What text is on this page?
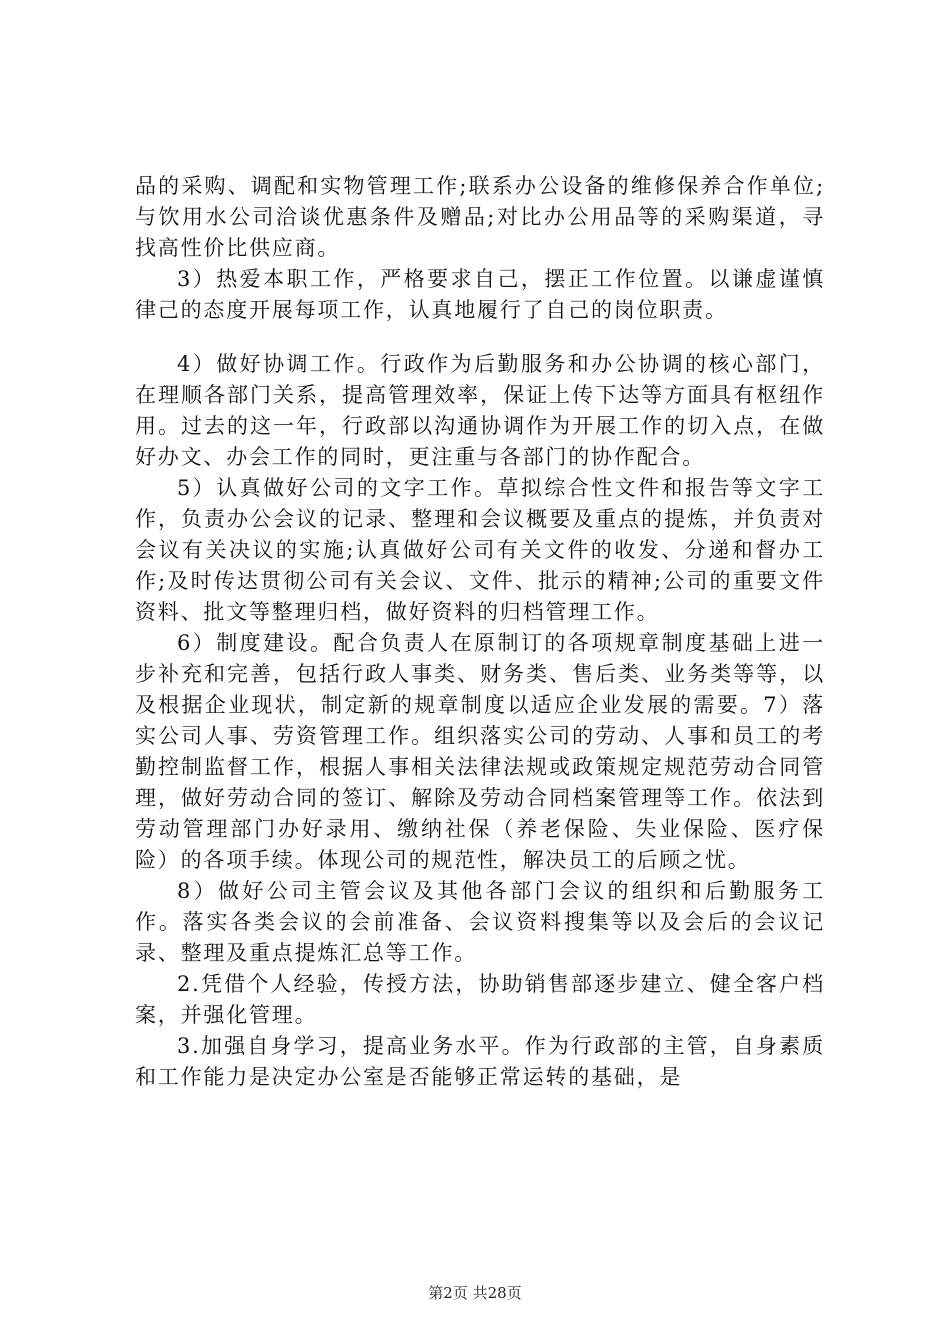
品的采购、调配和实物管理工作;联系办公设备的维修保养合作单位;与饮用水公司洽谈优惠条件及赠品;对比办公用品等的采购渠道，寻找高性价比供应商。

3）热爱本职工作，严格要求自己，摆正工作位置。以谦虚谨慎律己的态度开展每项工作，认真地履行了自己的岗位职责。

4）做好协调工作。行政作为后勤服务和办公协调的核心部门，在理顺各部门关系，提高管理效率，保证上传下达等方面具有枢纽作用。过去的这一年，行政部以沟通协调作为开展工作的切入点，在做好办文、办会工作的同时，更注重与各部门的协作配合。

5）认真做好公司的文字工作。草拟综合性文件和报告等文字工作，负责办公会议的记录、整理和会议概要及重点的提炼，并负责对会议有关决议的实施;认真做好公司有关文件的收发、分递和督办工作;及时传达贯彻公司有关会议、文件、批示的精神;公司的重要文件资料、批文等整理归档，做好资料的归档管理工作。

6）制度建设。配合负责人在原制订的各项规章制度基础上进一步补充和完善，包括行政人事类、财务类、售后类、业务类等等，以及根据企业现状，制定新的规章制度以适应企业发展的需要。7）落实公司人事、劳资管理工作。组织落实公司的劳动、人事和员工的考勤控制监督工作，根据人事相关法律法规或政策规定规范劳动合同管理，做好劳动合同的签订、解除及劳动合同档案管理等工作。依法到劳动管理部门办好录用、缴纳社保（养老保险、失业保险、医疗保险）的各项手续。体现公司的规范性，解决员工的后顾之忧。

8）做好公司主管会议及其他各部门会议的组织和后勤服务工作。落实各类会议的会前准备、会议资料搜集等以及会后的会议记录、整理及重点提炼汇总等工作。

2.凭借个人经验，传授方法，协助销售部逐步建立、健全客户档案，并强化管理。

3.加强自身学习，提高业务水平。作为行政部的主管，自身素质和工作能力是决定办公室是否能够正常运转的基础，是

第2页 共28页
